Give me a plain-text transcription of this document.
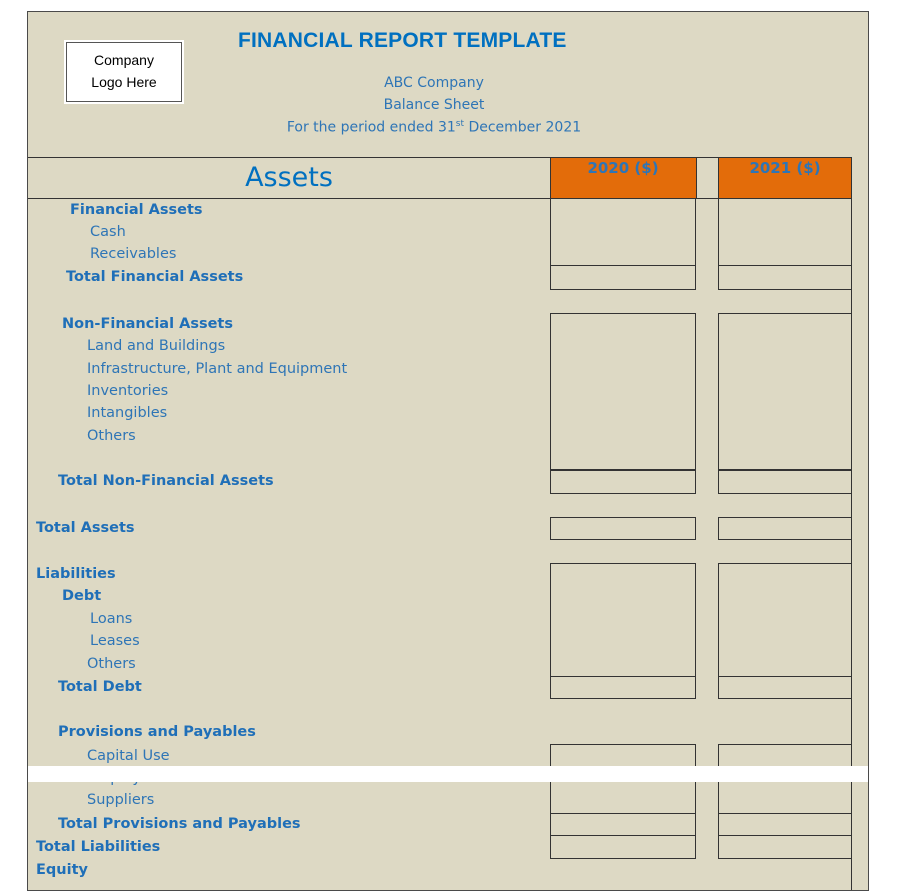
Company
Logo Here
FINANCIAL REPORT TEMPLATE
ABC Company
Balance Sheet
For the period ended 31st December 2021
Assets	2020 ($)	2021 ($)
Financial Assets
Cash
Receivables
Total Financial Assets
Non-Financial Assets
Land and Buildings
Infrastructure, Plant and Equipment
Inventories
Intangibles
Others
Total Non-Financial Assets
Total Assets
Liabilities
Debt
Loans
Leases
Others
Total Debt
Provisions and Payables
Capital Use
Suppliers
Total Provisions and Payables
Total Liabilities
Equity
